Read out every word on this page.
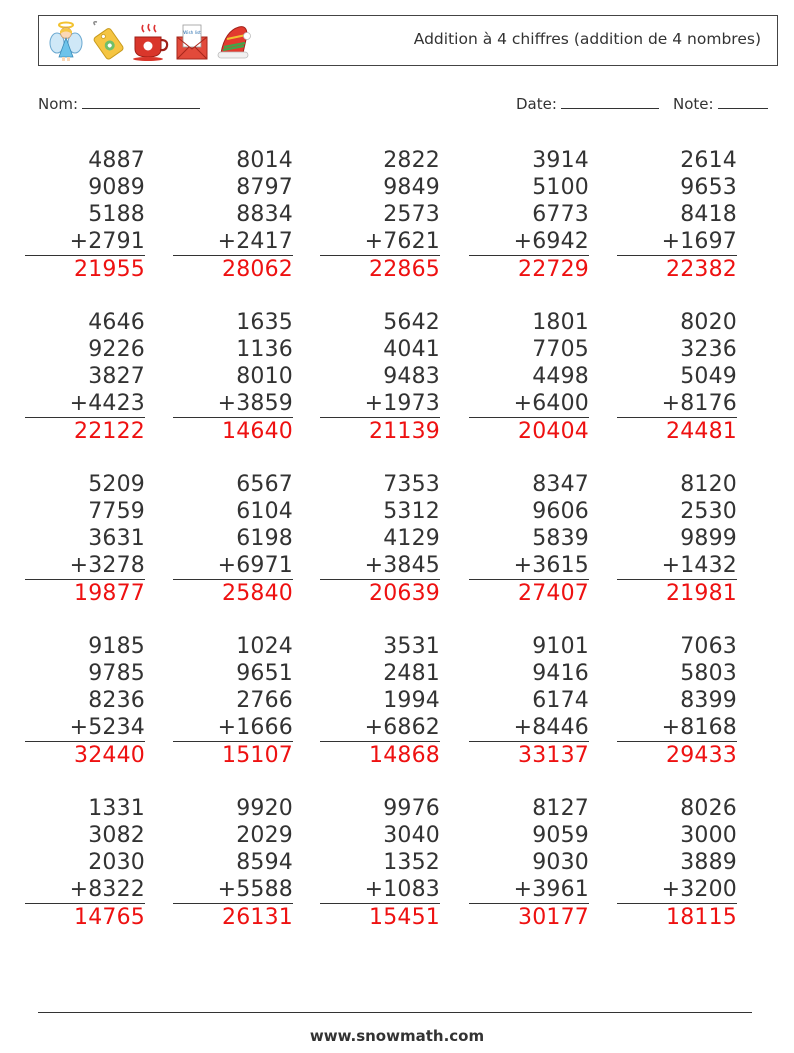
Wish list	Addition à 4 chiffres (addition de 4 nombres)
Nom:	Date:	Note:
4887
9089
5188
+2791
21955
8014
8797
8834
+2417
28062
2822
9849
2573
+7621
22865
3914
5100
6773
+6942
22729
2614
9653
8418
+1697
22382
4646
9226
3827
+4423
22122
1635
1136
8010
+3859
14640
5642
4041
9483
+1973
21139
1801
7705
4498
+6400
20404
8020
3236
5049
+8176
24481
5209
7759
3631
+3278
19877
6567
6104
6198
+6971
25840
7353
5312
4129
+3845
20639
8347
9606
5839
+3615
27407
8120
2530
9899
+1432
21981
9185
9785
8236
+5234
32440
1024
9651
2766
+1666
15107
3531
2481
1994
+6862
14868
9101
9416
6174
+8446
33137
7063
5803
8399
+8168
29433
1331
3082
2030
+8322
14765
9920
2029
8594
+5588
26131
9976
3040
1352
+1083
15451
8127
9059
9030
+3961
30177
8026
3000
3889
+3200
18115
www.snowmath.com
